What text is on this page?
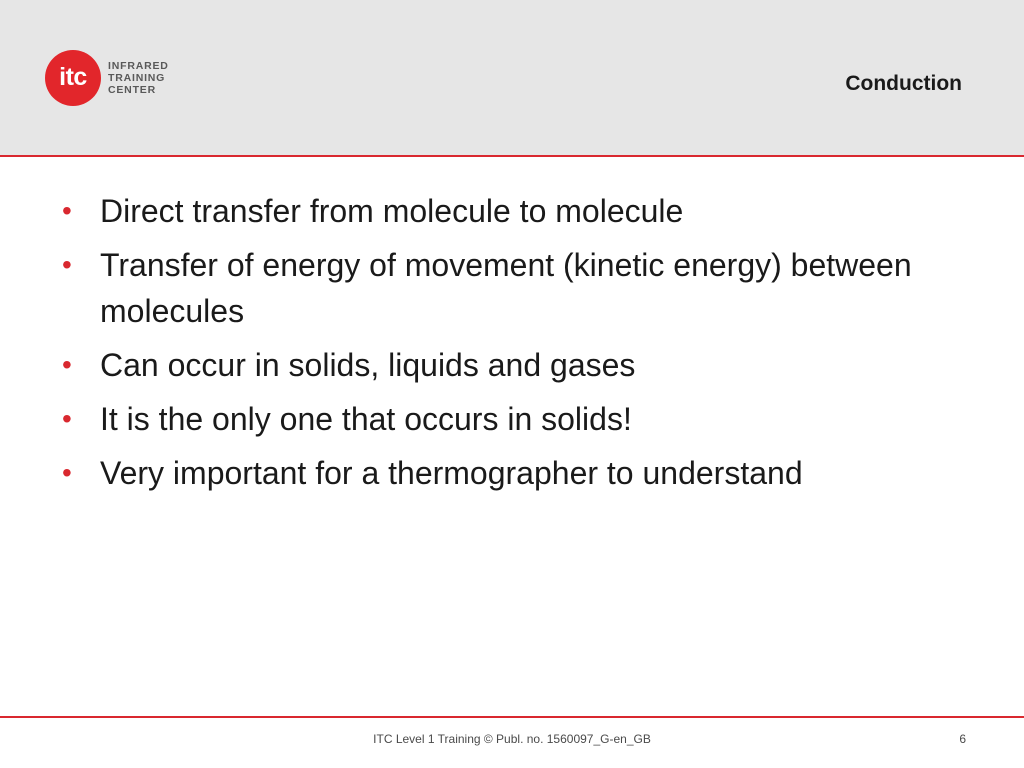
itc INFRARED
TRAINING
CENTER	Conduction
• Direct transfer from molecule to molecule
• Transfer of energy of movement (kinetic energy) between molecules
• Can occur in solids, liquids and gases
• It is the only one that occurs in solids!
• Very important for a thermographer to understand
ITC Level 1 Training © Publ. no. 1560097_G-en_GB	6
